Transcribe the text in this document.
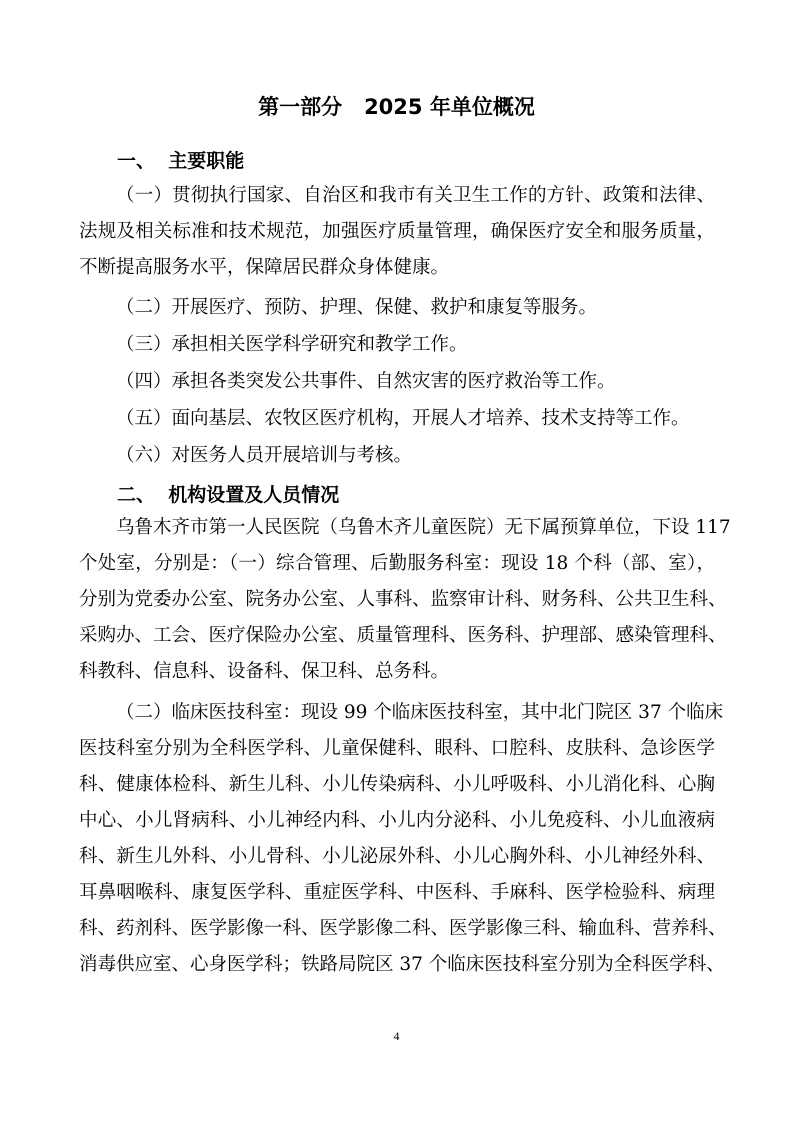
第一部分   2025 年单位概况
一、  主要职能
（一）贯彻执行国家、自治区和我市有关卫生工作的方针、政策和法律、
法规及相关标准和技术规范，加强医疗质量管理，确保医疗安全和服务质量，
不断提高服务水平，保障居民群众身体健康。
（二）开展医疗、预防、护理、保健、救护和康复等服务。
（三）承担相关医学科学研究和教学工作。
（四）承担各类突发公共事件、自然灾害的医疗救治等工作。
（五）面向基层、农牧区医疗机构，开展人才培养、技术支持等工作。
（六）对医务人员开展培训与考核。
二、  机构设置及人员情况
乌鲁木齐市第一人民医院（乌鲁木齐儿童医院）无下属预算单位，下设 117
个处室，分别是：（一）综合管理、后勤服务科室：现设 18 个科（部、室），
分别为党委办公室、院务办公室、人事科、监察审计科、财务科、公共卫生科、
采购办、工会、医疗保险办公室、质量管理科、医务科、护理部、感染管理科、
科教科、信息科、设备科、保卫科、总务科。
（二）临床医技科室：现设 99 个临床医技科室，其中北门院区 37 个临床
医技科室分别为全科医学科、儿童保健科、眼科、口腔科、皮肤科、急诊医学
科、健康体检科、新生儿科、小儿传染病科、小儿呼吸科、小儿消化科、心胸
中心、小儿肾病科、小儿神经内科、小儿内分泌科、小儿免疫科、小儿血液病
科、新生儿外科、小儿骨科、小儿泌尿外科、小儿心胸外科、小儿神经外科、
耳鼻咽喉科、康复医学科、重症医学科、中医科、手麻科、医学检验科、病理
科、药剂科、医学影像一科、医学影像二科、医学影像三科、输血科、营养科、
消毒供应室、心身医学科；铁路局院区 37 个临床医技科室分别为全科医学科、
4
